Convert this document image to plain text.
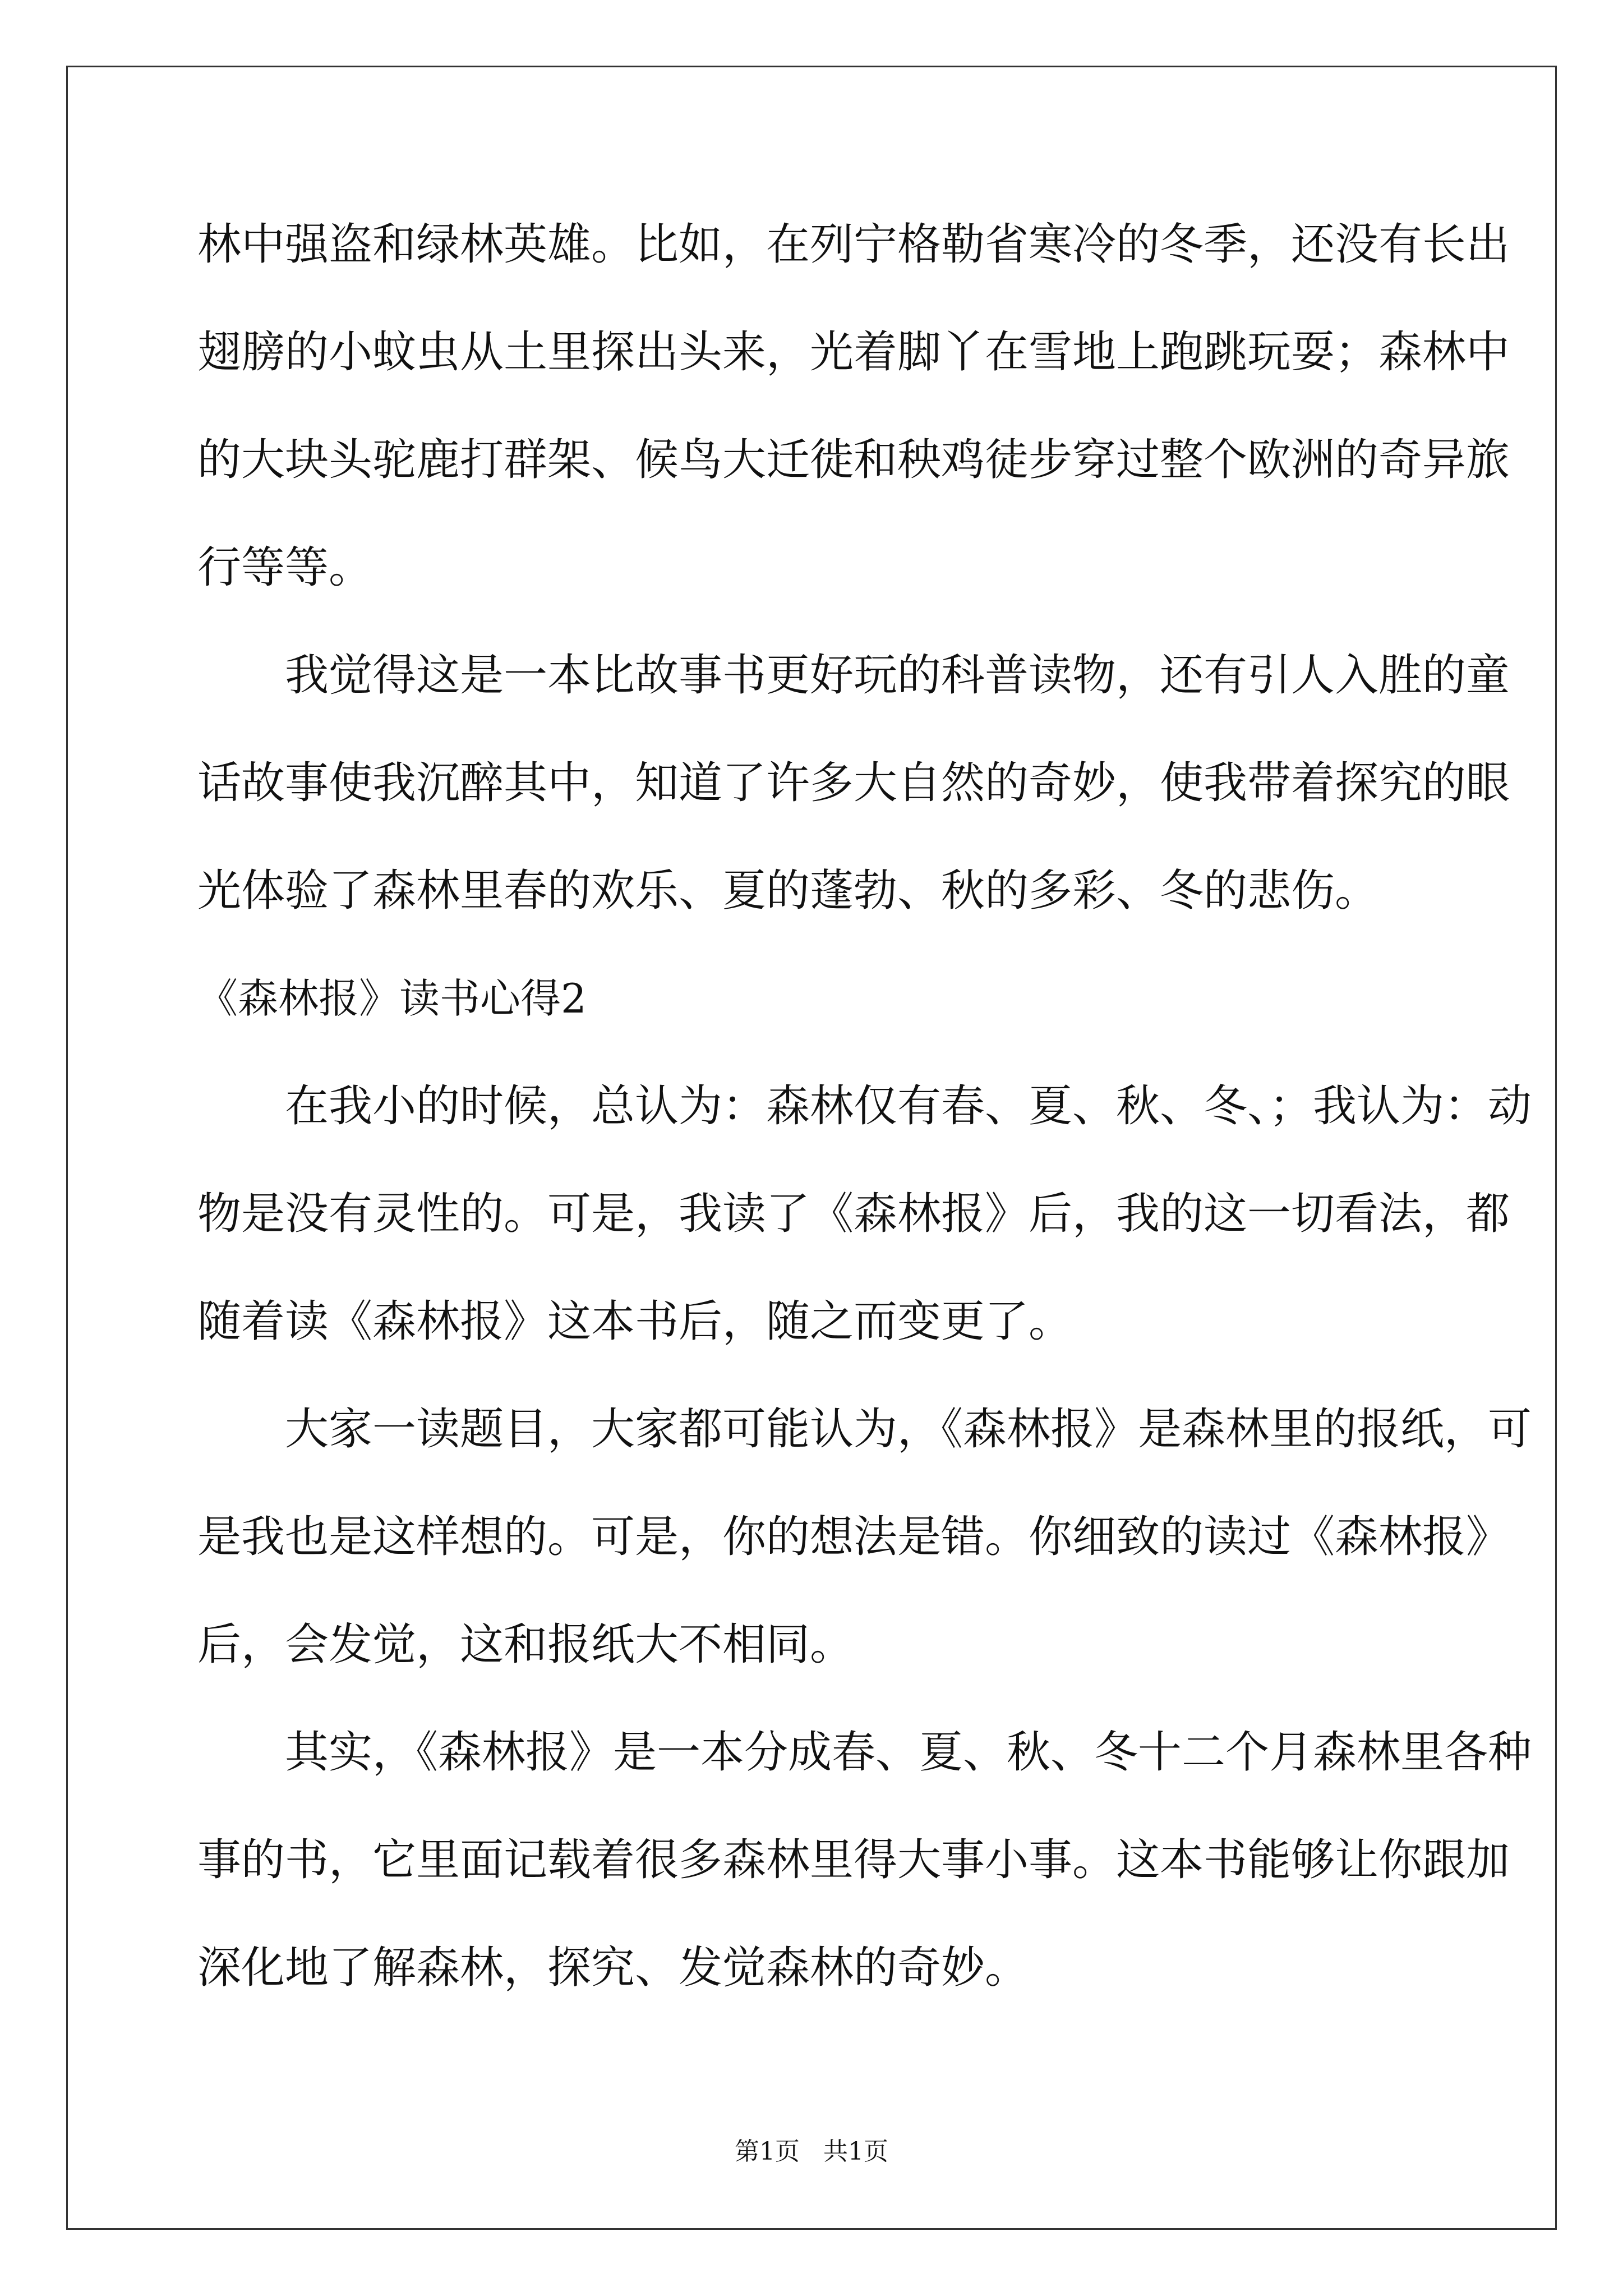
林中强盗和绿林英雄。比如，在列宁格勒省寒冷的冬季，还没有长出
翅膀的小蚊虫从土里探出头来，光着脚丫在雪地上跑跳玩耍；森林中
的大块头驼鹿打群架、候鸟大迁徙和秧鸡徒步穿过整个欧洲的奇异旅
行等等。
我觉得这是一本比故事书更好玩的科普读物，还有引人入胜的童
话故事使我沉醉其中，知道了许多大自然的奇妙，使我带着探究的眼
光体验了森林里春的欢乐、夏的蓬勃、秋的多彩、冬的悲伤。
《森林报》读书心得2
在我小的时候，总认为：森林仅有春、夏、秋、冬、；我认为：动
物是没有灵性的。可是，我读了《森林报》后，我的这一切看法，都
随着读《森林报》这本书后，随之而变更了。
大家一读题目，大家都可能认为，《森林报》是森林里的报纸，可
是我也是这样想的。可是，你的想法是错。你细致的读过《森林报》
后，会发觉，这和报纸大不相同。
其实，《森林报》是一本分成春、夏、秋、冬十二个月森林里各种
事的书，它里面记载着很多森林里得大事小事。这本书能够让你跟加
深化地了解森林，探究、发觉森林的奇妙。
第1页 共1页
